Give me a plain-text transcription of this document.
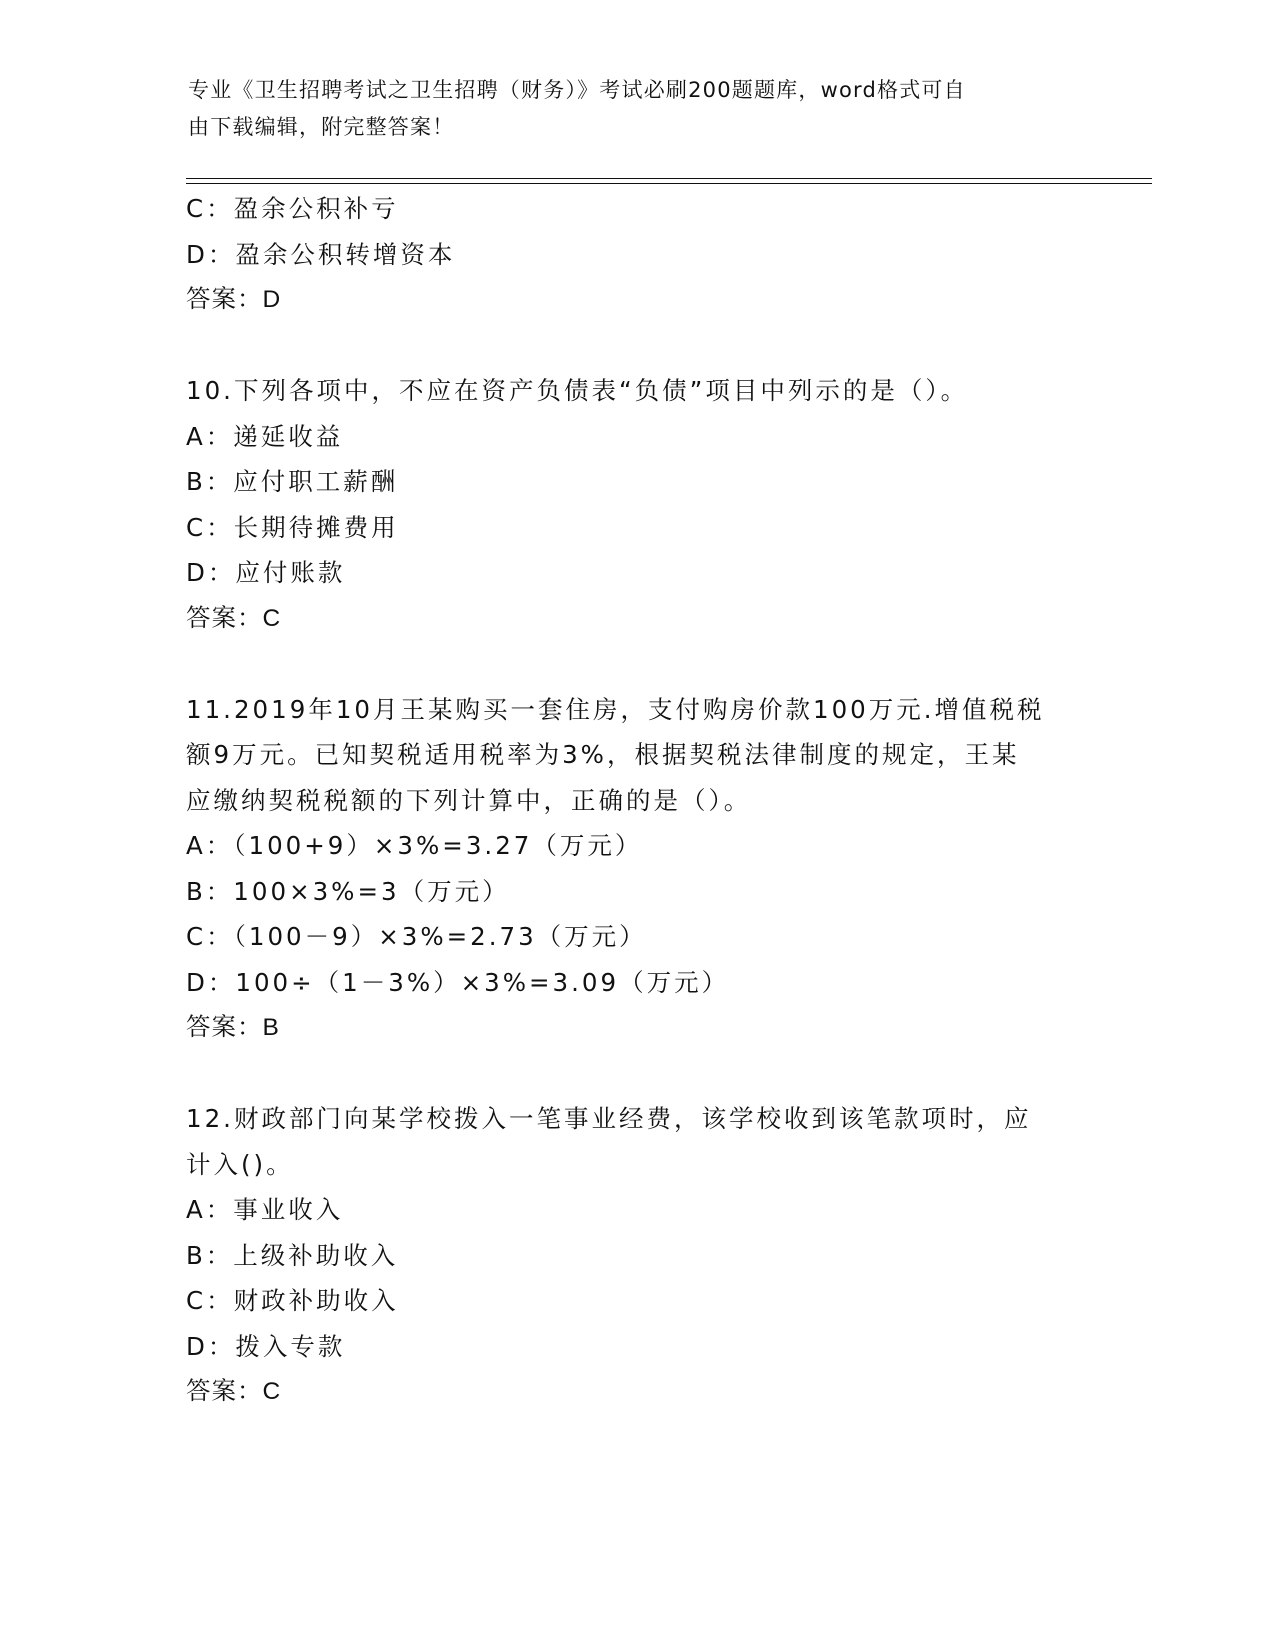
专业《卫生招聘考试之卫生招聘（财务）》考试必刷200题题库，word格式可自
由下载编辑，附完整答案！
C：盈余公积补亏
D：盈余公积转增资本
答案：D
10.下列各项中，不应在资产负债表“负债”项目中列示的是（）。
A：递延收益
B：应付职工薪酬
C：长期待摊费用
D：应付账款
答案：C
11.2019年10月王某购买一套住房，支付购房价款100万元.增值税税
额9万元。已知契税适用税率为3%，根据契税法律制度的规定，王某
应缴纳契税税额的下列计算中，正确的是（）。
A：（100+9）×3%=3.27（万元）
B：100×3%=3（万元）
C：（100－9）×3%=2.73（万元）
D：100÷（1－3%）×3%=3.09（万元）
答案：B
12.财政部门向某学校拨入一笔事业经费，该学校收到该笔款项时，应
计入()。
A：事业收入
B：上级补助收入
C：财政补助收入
D：拨入专款
答案：C
